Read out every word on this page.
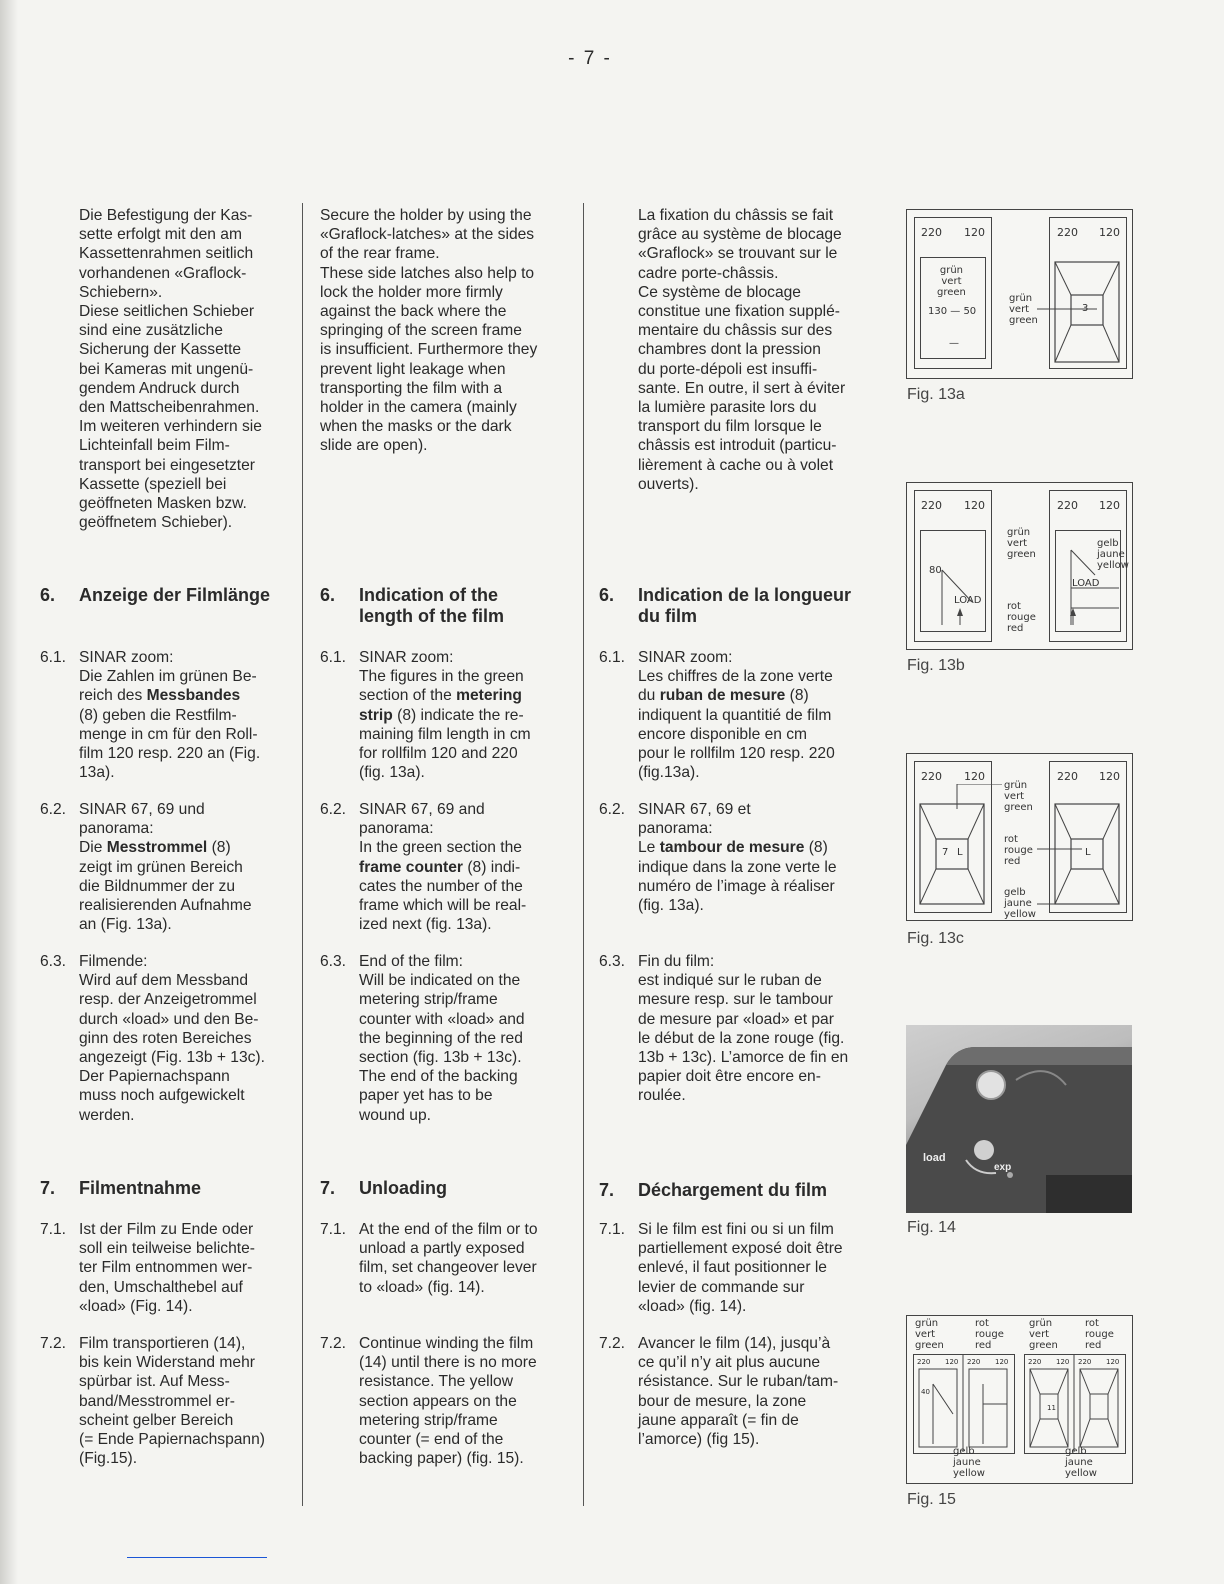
- 7 -

Die Befestigung der Kas-
sette erfolgt mit den am
Kassettenrahmen seitlich
vorhandenen «Graflock-
Schiebern».
Diese seitlichen Schieber
sind eine zusätzliche
Sicherung der Kassette
bei Kameras mit ungenü-
gendem Andruck durch
den Mattscheibenrahmen.
Im weiteren verhindern sie
Lichteinfall beim Film-
transport bei eingesetzter
Kassette (speziell bei
geöffneten Masken bzw.
geöffnetem Schieber).

6. Anzeige der Filmlänge
6.1. SINAR zoom:
Die Zahlen im grünen Be-
reich des Messbandes
(8) geben die Restfilm-
menge in cm für den Roll-
film 120 resp. 220 an (Fig.
13a).
6.2. SINAR 67, 69 und
panorama:
Die Messtrommel (8)
zeigt im grünen Bereich
die Bildnummer der zu
realisierenden Aufnahme
an (Fig. 13a).
6.3. Filmende:
Wird auf dem Messband
resp. der Anzeigetrommel
durch «load» und den Be-
ginn des roten Bereiches
angezeigt (Fig. 13b + 13c).
Der Papiernachspann
muss noch aufgewickelt
werden.
7. Filmentnahme
7.1. Ist der Film zu Ende oder
soll ein teilweise belichte-
ter Film entnommen wer-
den, Umschalthebel auf
«load» (Fig. 14).
7.2. Film transportieren (14),
bis kein Widerstand mehr
spürbar ist. Auf Mess-
band/Messtrommel er-
scheint gelber Bereich
(= Ende Papiernachspann)
(Fig.15).

Secure the holder by using the
«Graflock-latches» at the sides
of the rear frame.
These side latches also help to
lock the holder more firmly
against the back where the
springing of the screen frame
is insufficient. Furthermore they
prevent light leakage when
transporting the film with a
holder in the camera (mainly
when the masks or the dark
slide are open).

6. Indication of the
length of the film
6.1. SINAR zoom:
The figures in the green
section of the metering
strip (8) indicate the re-
maining film length in cm
for rollfilm 120 and 220
(fig. 13a).
6.2. SINAR 67, 69 and
panorama:
In the green section the
frame counter (8) indi-
cates the number of the
frame which will be real-
ized next (fig. 13a).
6.3. End of the film:
Will be indicated on the
metering strip/frame
counter with «load» and
the beginning of the red
section (fig. 13b + 13c).
The end of the backing
paper yet has to be
wound up.
7. Unloading
7.1. At the end of the film or to
unload a partly exposed
film, set changeover lever
to «load» (fig. 14).
7.2. Continue winding the film
(14) until there is no more
resistance. The yellow
section appears on the
metering strip/frame
counter (= end of the
backing paper) (fig. 15).

La fixation du châssis se fait
grâce au système de blocage
«Graflock» se trouvant sur le
cadre porte-châssis.
Ce système de blocage
constitue une fixation supplé-
mentaire du châssis sur des
chambres dont la pression
du porte-dépoli est insuffi-
sante. En outre, il sert à éviter
la lumière parasite lors du
transport du film lorsque le
châssis est introduit (particu-
lièrement à cache ou à volet
ouverts).

6. Indication de la longueur
du film
6.1. SINAR zoom:
Les chiffres de la zone verte
du ruban de mesure (8)
indiquent la quantitié de film
encore disponible en cm
pour le rollfilm 120 resp. 220
(fig.13a).
6.2. SINAR 67, 69 et
panorama:
Le tambour de mesure (8)
indique dans la zone verte le
numéro de l’image à réaliser
(fig. 13a).
6.3. Fin du film:
est indiqué sur le ruban de
mesure resp. sur le tambour
de mesure par «load» et par
le début de la zone rouge (fig.
13b + 13c). L’amorce de fin en
papier doit être encore en-
roulée.
7. Déchargement du film
7.1. Si le film est fini ou si un film
partiellement exposé doit être
enlevé, il faut positionner le
levier de commande sur
«load» (fig. 14).
7.2. Avancer le film (14), jusqu’à
ce qu’il n’y ait plus aucune
résistance. Sur le ruban/tam-
bour de mesure, la zone
jaune apparaît (= fin de
l’amorce) (fig 15).
220 120
grün
vert
green
130 — 50
—
grün
vert
green
220 120
3
Fig. 13a
220 120
80
LOAD
grün
vert
green
rot
rouge
red
220 120
gelb
jaune
yellow
LOAD
Fig. 13b
220 120
7 L
grün
vert
green
rot
rouge
red
gelb
jaune
yellow
220 120
L
Fig. 13c
load
exp
Fig. 14
grün
vert
green
rot
rouge
red
grün
vert
green
rot
rouge
red
220 120 220 120	220 120 220 120
40
11
gelb
jaune
yellow
gelb
jaune
yellow
Fig. 15
